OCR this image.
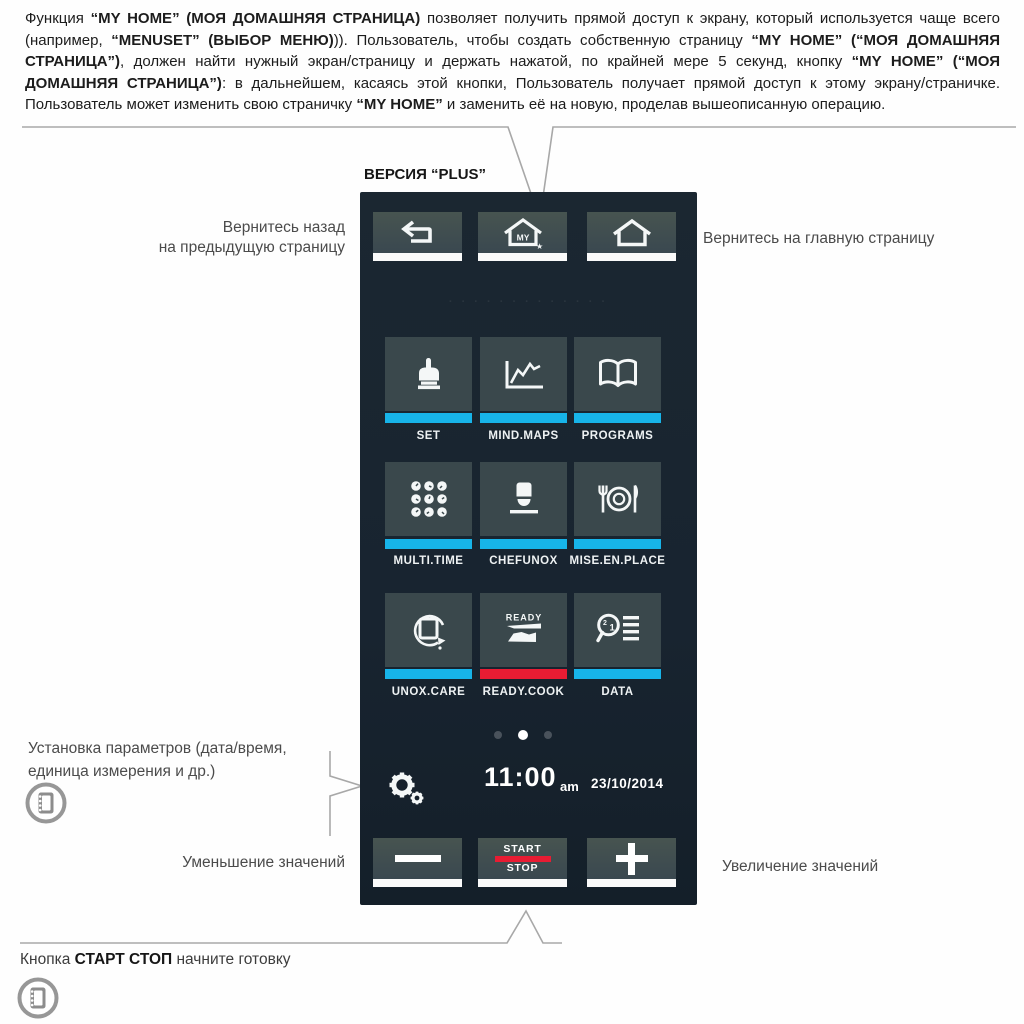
Функция “MY HOME” (МОЯ ДОМАШНЯЯ СТРАНИЦА) позволяет получить прямой доступ к экрану, который используется чаще всего (например, “MENUSET” (ВЫБОР МЕНЮ))). Пользователь, чтобы создать собственную страницу “MY HOME” (“МОЯ ДОМАШНЯЯ СТРАНИЦА”), должен найти нужный экран/страницу и держать нажатой, по крайней мере 5 секунд, кнопку “MY HOME” (“МОЯ ДОМАШНЯЯ СТРАНИЦА”): в дальнейшем, касаясь этой кнопки, Пользователь получает прямой доступ к этому экрану/страничке. Пользователь может изменить свою страничку “MY HOME” и заменить её на новую, проделав вышеописанную операцию.
ВЕРСИЯ “PLUS”
Вернитесь назад
на предыдущую страницу	Вернитесь на главную страницу
Установка параметров (дата/время,
единица измерения и др.)
Уменьшение значений	Увеличение значений
Кнопка СТАРТ СТОП начните готовку
MY
★
· · · · · · · · · · · · ·
SET	MIND.MAPS	PROGRAMS
MULTI.TIME	CHEFUNOX	MISE.EN.PLACE
READY
2 1
UNOX.CARE	READY.COOK	DATA
11:00 am 23/10/2014
START
STOP
